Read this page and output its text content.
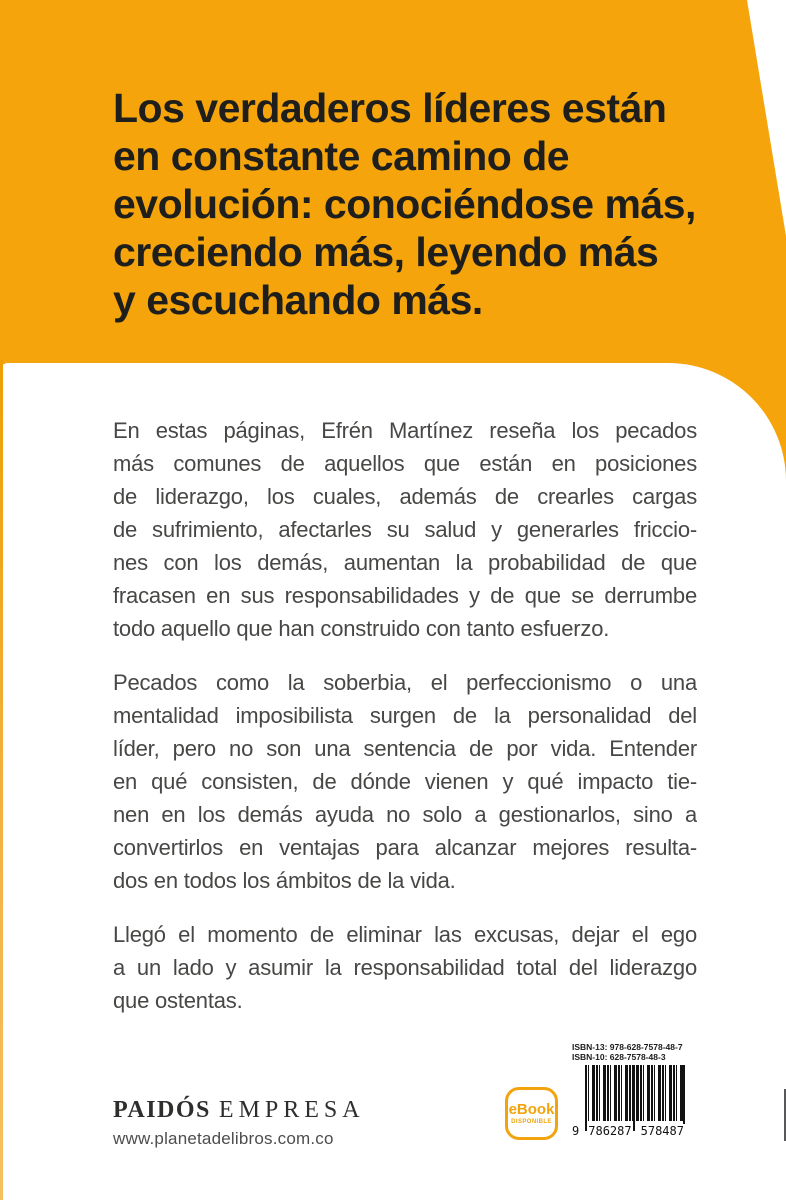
Los verdaderos líderes están
en constante camino de
evolución: conociéndose más,
creciendo más, leyendo más
y escuchando más.
En estas páginas, Efrén Martínez reseña los pecados
más comunes de aquellos que están en posiciones
de liderazgo, los cuales, además de crearles cargas
de sufrimiento, afectarles su salud y generarles friccio-
nes con los demás, aumentan la probabilidad de que
fracasen en sus responsabilidades y de que se derrumbe
todo aquello que han construido con tanto esfuerzo.
Pecados como la soberbia, el perfeccionismo o una
mentalidad imposibilista surgen de la personalidad del
líder, pero no son una sentencia de por vida. Entender
en qué consisten, de dónde vienen y qué impacto tie-
nen en los demás ayuda no solo a gestionarlos, sino a
convertirlos en ventajas para alcanzar mejores resulta-
dos en todos los ámbitos de la vida.
Llegó el momento de eliminar las excusas, dejar el ego
a un lado y asumir la responsabilidad total del liderazgo
que ostentas.
PAIDÓS EMPRESA
www.planetadelibros.com.co
eBook
DISPONIBLE
ISBN-13: 978-628-7578-48-7
ISBN-10: 628-7578-48-3
9 786287 578487
